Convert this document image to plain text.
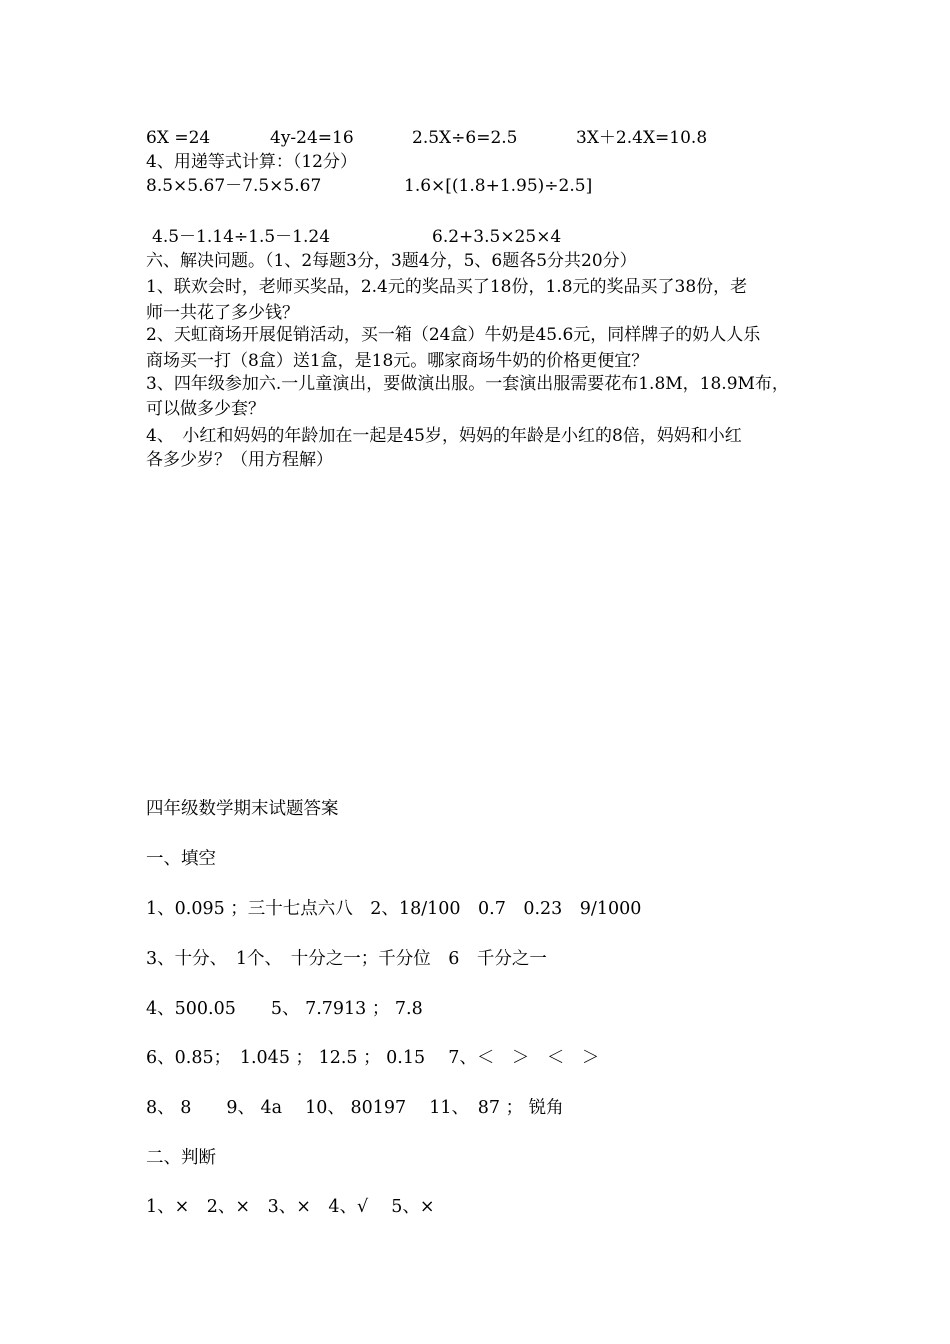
6X =24	4y-24=16	2.5X÷6=2.5	3X＋2.4X=10.8
4、用递等式计算：（12分）
8.5×5.67－7.5×5.67	1.6×[(1.8+1.95)÷2.5]
4.5－1.14÷1.5－1.24	6.2+3.5×25×4
六、解决问题。（1、2每题3分，3题4分，5、6题各5分共20分）
1、联欢会时，老师买奖品，2.4元的奖品买了18份，1.8元的奖品买了38份，老
师一共花了多少钱？
2、天虹商场开展促销活动，买一箱（24盒）牛奶是45.6元，同样牌子的奶人人乐
商场买一打（8盒）送1盒，是18元。哪家商场牛奶的价格更便宜？
3、四年级参加六.一儿童演出，要做演出服。一套演出服需要花布1.8M，18.9M布，
可以做多少套？
4、　小红和妈妈的年龄加在一起是45岁，妈妈的年龄是小红的8倍，妈妈和小红
各多少岁？（用方程解）
四年级数学期末试题答案
一、填空
1、0.095 ；三十七点六八　2、18/100　0.7　0.23　9/1000
3、十分、　1个、　十分之一；千分位　6　千分之一
4、500.05　　5、 7.7913 ； 7.8
6、0.85；　1.045 ； 12.5 ； 0.15　 7、＜　＞　＜　＞
8、 8　　9、 4a　 10、 80197 　11、　87 ； 锐角
二、判断
1、×　2、×　3、×　4、√　 5、×
